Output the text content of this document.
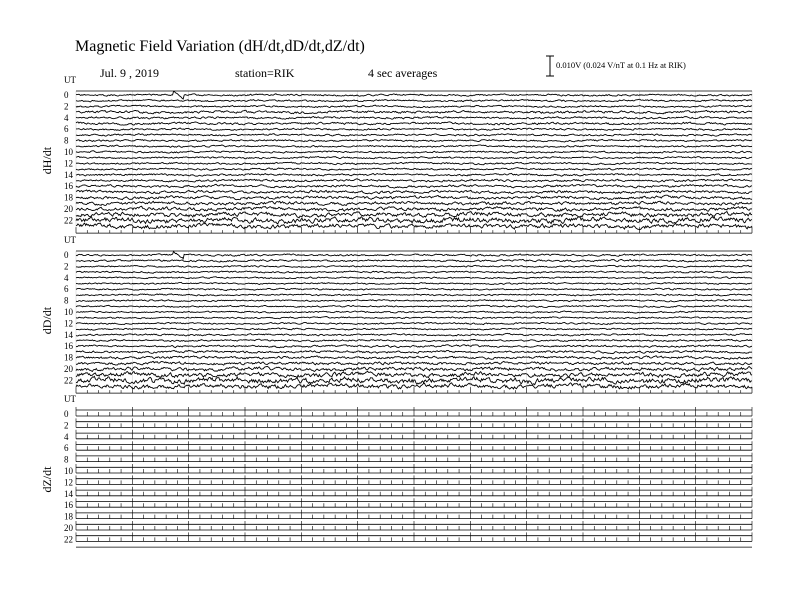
Magnetic Field Variation (dH/dt,dD/dt,dZ/dt)
Jul. 9 , 2019	station=RIK	4 sec averages
0.010V (0.024 V/nT at 0.1 Hz at RIK)
UT
dH/dt
0
2
4
6
8
10
12
14
16
18
20
22
UT
dD/dt
0
2
4
6
8
10
12
14
16
18
20
22
UT
dZ/dt
0
2
4
6
8
10
12
14
16
18
20
22
